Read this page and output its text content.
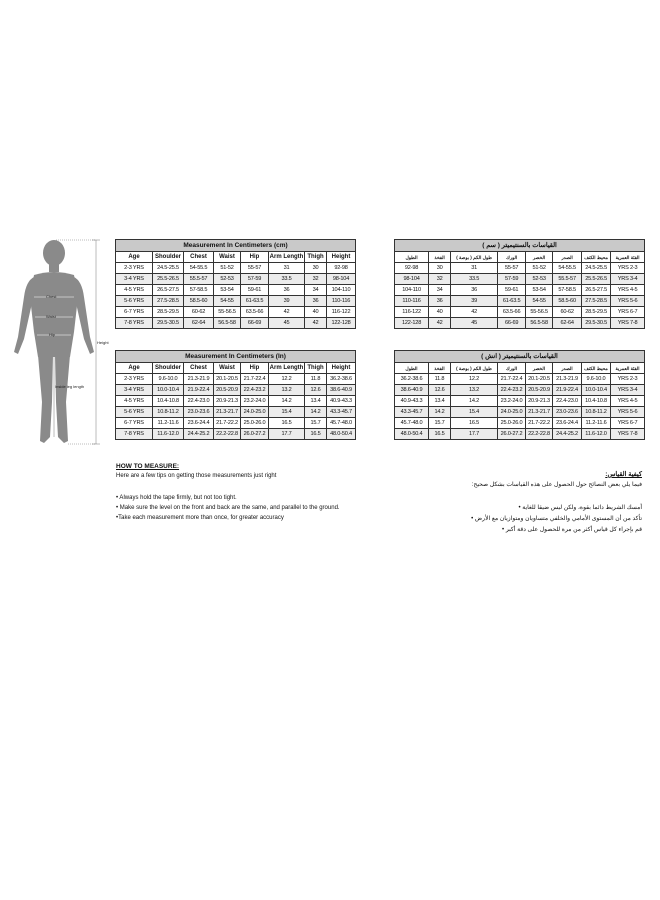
Chest
Waist
Hip
Inside leg length
Height
Measurement In Centimeters (cm)							
Age	Shoulder	Chest	Waist	Hip	Arm Length	Thigh	Height
2-3 YRS	24.5-25.5	54-55.5	51-52	55-57	31	30	92-98
3-4 YRS	25.5-26.5	55.5-57	52-53	57-59	33.5	32	98-104
4-5 YRS	26.5-27.5	57-58.5	53-54	59-61	36	34	104-110
5-6 YRS	27.5-28.5	58.5-60	54-55	61-63.5	39	36	110-116
6-7 YRS	28.5-29.5	60-62	55-56.5	63.5-66	42	40	116-122
7-8 YRS	29.5-30.5	62-64	56.5-58	66-69	45	42	122-128
القياسات بالسنتيميتر ( سم )							
الفئة العمرية	محيط الكتف	الصدر	الخصر	الورك	طول الكم ( بوصة )	الفخذ	الطول
2-3 YRS	24.5-25.5	54-55.5	51-52	55-57	31	30	92-98
3-4 YRS	25.5-26.5	55.5-57	52-53	57-59	33.5	32	98-104
4-5 YRS	26.5-27.5	57-58.5	53-54	59-61	36	34	104-110
5-6 YRS	27.5-28.5	58.5-60	54-55	61-63.5	39	36	110-116
6-7 YRS	28.5-29.5	60-62	55-56.5	63.5-66	42	40	116-122
7-8 YRS	29.5-30.5	62-64	56.5-58	66-69	45	42	122-128
Measurement In Centimeters (In)							
Age	Shoulder	Chest	Waist	Hip	Arm Length	Thigh	Height
2-3 YRS	9.6-10.0	21.3-21.9	20.1-20.5	21.7-22.4	12.2	11.8	36.2-38.6
3-4 YRS	10.0-10.4	21.9-22.4	20.5-20.9	22.4-23.2	13.2	12.6	38.6-40.9
4-5 YRS	10.4-10.8	22.4-23.0	20.9-21.3	23.2-24.0	14.2	13.4	40.9-43.3
5-6 YRS	10.8-11.2	23.0-23.6	21.3-21.7	24.0-25.0	15.4	14.2	43.3-45.7
6-7 YRS	11.2-11.6	23.6-24.4	21.7-22.2	25.0-26.0	16.5	15.7	45.7-48.0
7-8 YRS	11.6-12.0	24.4-25.2	22.2-22.8	26.0-27.2	17.7	16.5	48.0-50.4
القياسات بالسنتيميتر ( انش )							
الفئة العمرية	محيط الكتف	الصدر	الخصر	الورك	طول الكم ( بوصة )	الفخذ	الطول
2-3 YRS	9.6-10.0	21.3-21.9	20.1-20.5	21.7-22.4	12.2	11.8	36.2-38.6
3-4 YRS	10.0-10.4	21.9-22.4	20.5-20.9	22.4-23.2	13.2	12.6	38.6-40.9
4-5 YRS	10.4-10.8	22.4-23.0	20.9-21.3	23.2-24.0	14.2	13.4	40.9-43.3
5-6 YRS	10.8-11.2	23.0-23.6	21.3-21.7	24.0-25.0	15.4	14.2	43.3-45.7
6-7 YRS	11.2-11.6	23.6-24.4	21.7-22.2	25.0-26.0	16.5	15.7	45.7-48.0
7-8 YRS	11.6-12.0	24.4-25.2	22.2-22.8	26.0-27.2	17.7	16.5	48.0-50.4
HOW TO MEASURE:
Here are a few tips on getting those measurements just right
• Always hold the tape firmly, but not too tight.
• Make sure the level on the front and back are the same, and parallel to the ground.
•Take each measurement more than once, for greater accuracy
كيفية القياس:
فيما يلي بعض النصائح حول الحصول على هذه القياسات بشكل صحيح:
أمسك الشريط دائما بقوة، ولكن ليس ضيقا للغاية •
تأكد من أن المستوى الأمامي والخلفي متساويان ومتوازيان مع الأرض •
قم بإجراء كل قياس أكثر من مرة للحصول على دقة أكبر •
